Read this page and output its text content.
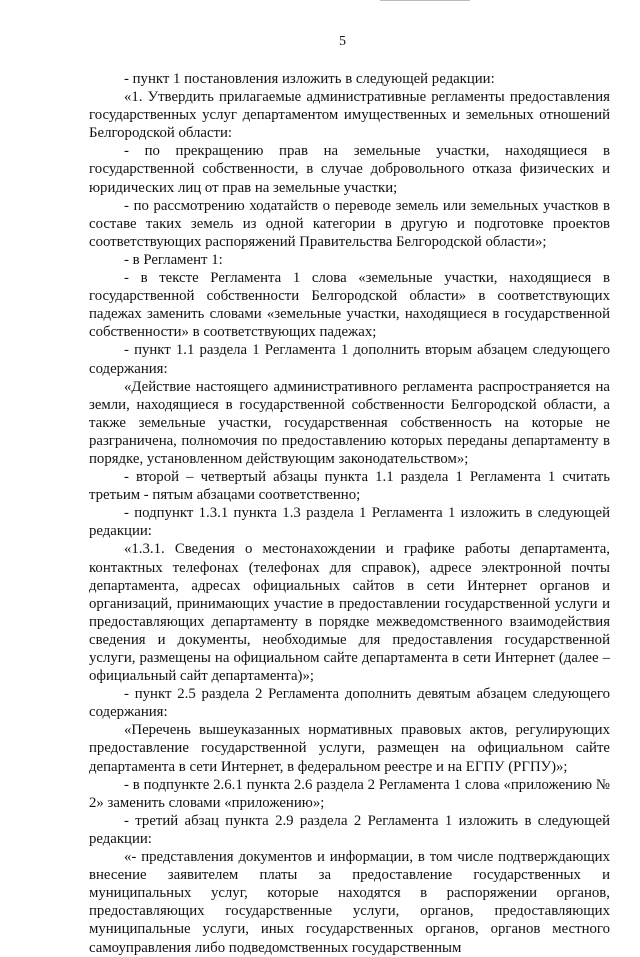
5

- пункт 1 постановления изложить в следующей редакции:

«1. Утвердить прилагаемые административные регламенты предоставления государственных услуг департаментом имущественных и земельных отношений Белгородской области:

- по прекращению прав на земельные участки, находящиеся в государственной собственности, в случае добровольного отказа физических и юридических лиц от прав на земельные участки;

- по рассмотрению ходатайств о переводе земель или земельных участков в составе таких земель из одной категории в другую и подготовке проектов соответствующих распоряжений Правительства Белгородской области»;

- в Регламент 1:

- в тексте Регламента 1 слова «земельные участки, находящиеся в государственной собственности Белгородской области» в соответствующих падежах заменить словами «земельные участки, находящиеся в государственной собственности» в соответствующих падежах;

- пункт 1.1 раздела 1 Регламента 1 дополнить вторым абзацем следующего содержания:

«Действие настоящего административного регламента распространяется на земли, находящиеся в государственной собственности Белгородской области, а также земельные участки, государственная собственность на которые не разграничена, полномочия по предоставлению которых переданы департаменту в порядке, установленном действующим законодательством»;

- второй – четвертый абзацы пункта 1.1 раздела 1 Регламента 1 считать третьим - пятым абзацами соответственно;

- подпункт 1.3.1 пункта 1.3 раздела 1 Регламента 1 изложить в следующей редакции:

«1.3.1. Сведения о местонахождении и графике работы департамента, контактных телефонах (телефонах для справок), адресе электронной почты департамента, адресах официальных сайтов в сети Интернет органов и организаций, принимающих участие в предоставлении государственной услуги и предоставляющих департаменту в порядке межведомственного взаимодействия сведения и документы, необходимые для предоставления государственной услуги, размещены на официальном сайте департамента в сети Интернет (далее – официальный сайт департамента)»;

- пункт 2.5 раздела 2 Регламента дополнить девятым абзацем следующего содержания:

«Перечень вышеуказанных нормативных правовых актов, регулирующих предоставление государственной услуги, размещен на официальном сайте департамента в сети Интернет, в федеральном реестре и на ЕГПУ (РГПУ)»;

- в подпункте 2.6.1 пункта 2.6 раздела 2 Регламента 1 слова «приложению № 2» заменить словами «приложению»;

- третий абзац пункта 2.9 раздела 2 Регламента 1 изложить в следующей редакции:

«- представления документов и информации, в том числе подтверждающих внесение заявителем платы за предоставление государственных и муниципальных услуг, которые находятся в распоряжении органов, предоставляющих государственные услуги, органов, предоставляющих муниципальные услуги, иных государственных органов, органов местного самоуправления либо подведомственных государственным
